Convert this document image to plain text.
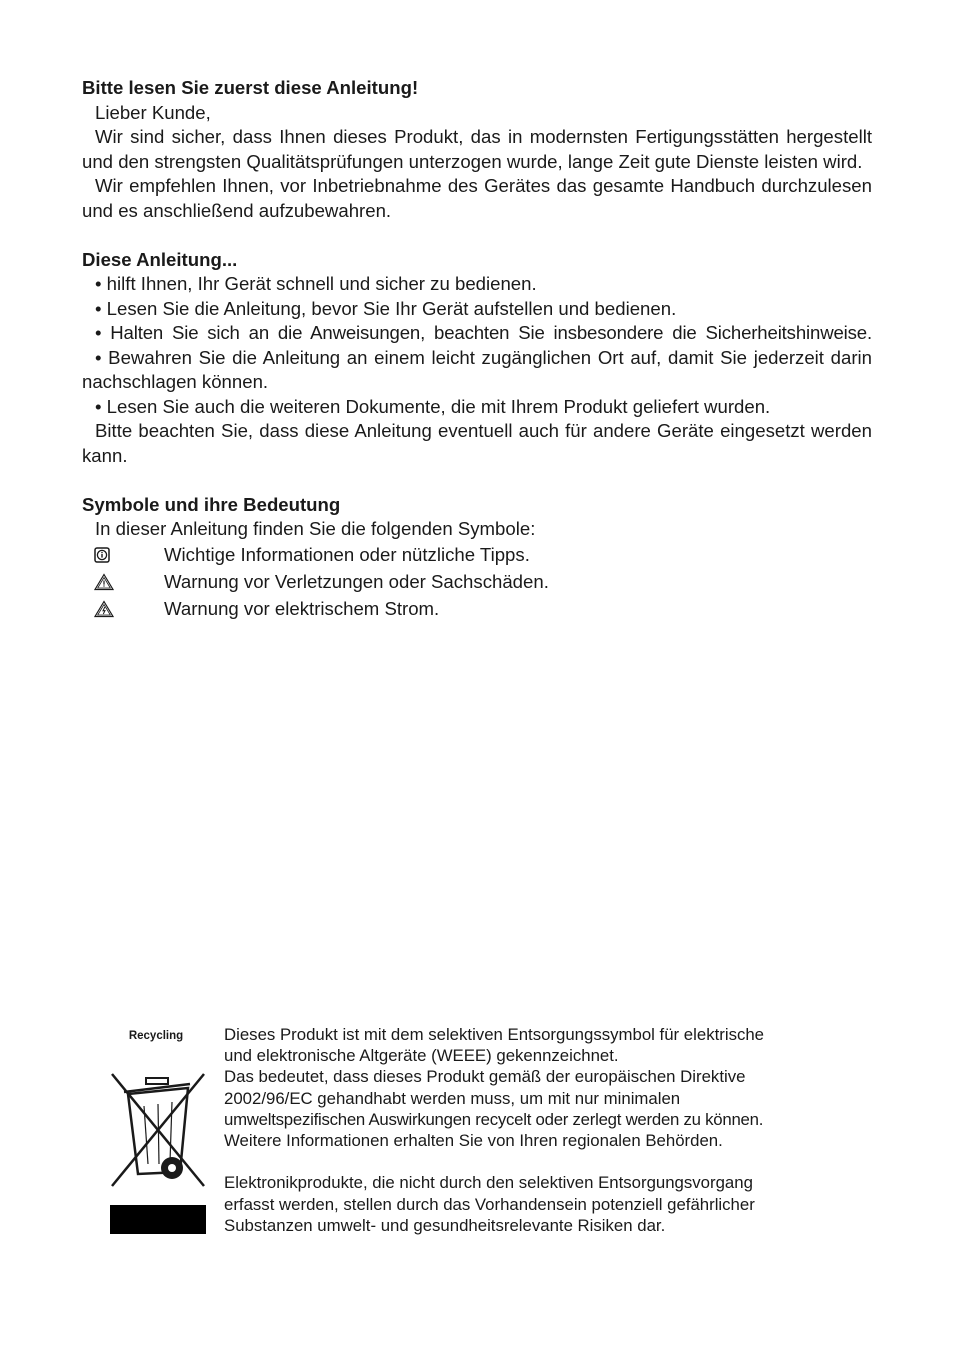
Bitte lesen Sie zuerst diese Anleitung!

Lieber Kunde,

Wir sind sicher, dass Ihnen dieses Produkt, das in modernsten Fertigungsstätten hergestellt und den strengsten Qualitätsprüfungen unterzogen wurde, lange Zeit gute Dienste leisten wird.

Wir empfehlen Ihnen, vor Inbetriebnahme des Gerätes das gesamte Handbuch durchzulesen und es anschließend aufzubewahren.

Diese Anleitung...

• hilft Ihnen, Ihr Gerät schnell und sicher zu bedienen.

• Lesen Sie die Anleitung, bevor Sie Ihr Gerät aufstellen und bedienen.

• Halten Sie sich an die Anweisungen, beachten Sie insbesondere die Sicherheitshinweise.

• Bewahren Sie die Anleitung an einem leicht zugänglichen Ort auf, damit Sie jederzeit darin nachschlagen können.

• Lesen Sie auch die weiteren Dokumente, die mit Ihrem Produkt geliefert wurden.

Bitte beachten Sie, dass diese Anleitung eventuell auch für andere Geräte eingesetzt werden kann.

Symbole und ihre Bedeutung

In dieser Anleitung finden Sie die folgenden Symbole:

Wichtige Informationen oder nützliche Tipps.
Warnung vor Verletzungen oder Sachschäden.
Warnung vor elektrischem Strom.
Recycling	Dieses Produkt ist mit dem selektiven Entsorgungssymbol für elektrische

und elektronische Altgeräte (WEEE) gekennzeichnet.

Das bedeutet, dass dieses Produkt gemäß der europäischen Direktive

2002/96/EC gehandhabt werden muss, um mit nur minimalen

umweltspezifischen Auswirkungen recycelt oder zerlegt werden zu können.

Weitere Informationen erhalten Sie von Ihren regionalen Behörden.

Elektronikprodukte, die nicht durch den selektiven Entsorgungsvorgang

erfasst werden, stellen durch das Vorhandensein potenziell gefährlicher

Substanzen umwelt- und gesundheitsrelevante Risiken dar.
